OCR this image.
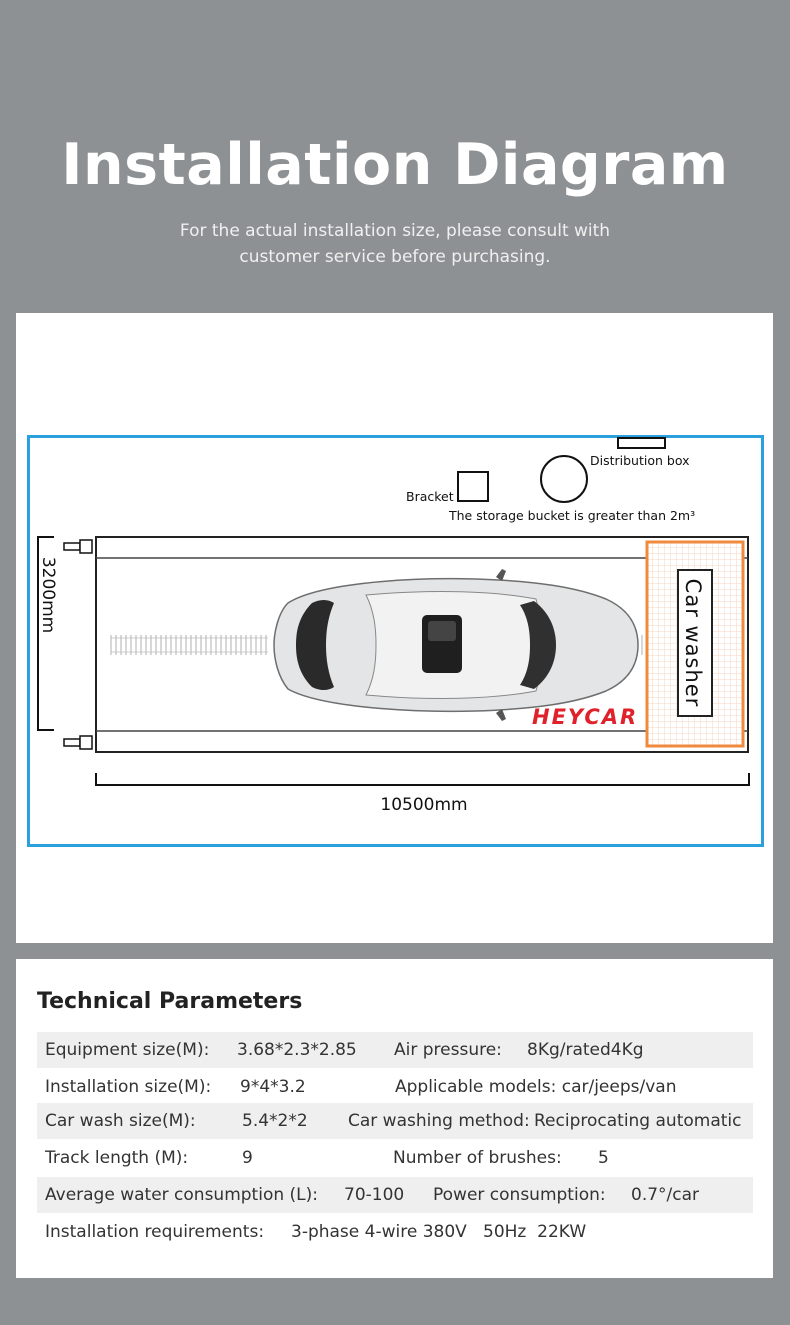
Installation Diagram
For the actual installation size, please consult with
customer service before purchasing.
Distribution box
Bracket
The storage bucket is greater than 2m³
3200mm
HEYCAR
Car washer
10500mm
Technical Parameters
Equipment size(M): 3.68*2.3*2.85 Air pressure: 8Kg/rated4Kg
Installation size(M): 9*4*3.2	Applicable models: car/jeeps/van
Car wash size(M):	5.4*2*2 Car washing method: Reciprocating automatic
Track length (M):	9	Number of brushes: 5
Average water consumption (L): 70-100 Power consumption: 0.7°/car
Installation requirements: 3-phase 4-wire 380V   50Hz  22KW
